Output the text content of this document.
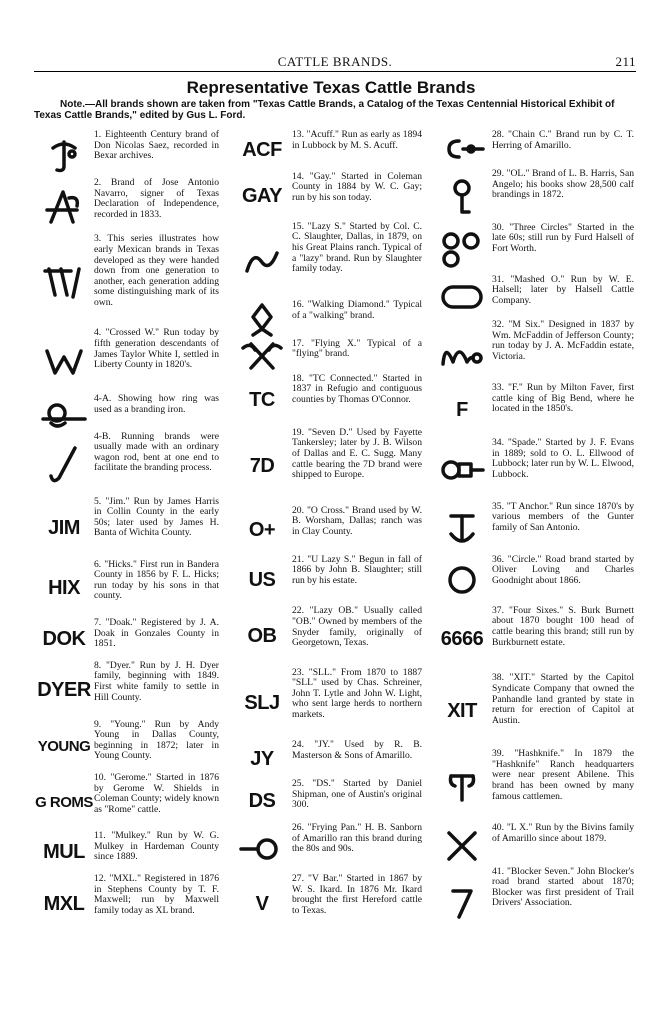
CATTLE BRANDS.	211
Representative Texas Cattle Brands
Note.—All brands shown are taken from "Texas Cattle Brands, a Catalog of the Texas Centennial Historical Exhibit of Texas Cattle Brands," edited by Gus L. Ford.
1. Eighteenth Century brand of Don Nicolas Saez, recorded in Bexar archives.
2. Brand of Jose Antonio Navarro, signer of Texas Declaration of Independence, recorded in 1833.
3. This series illustrates how early Mexican brands in Texas developed as they were handed down from one generation to another, each generation adding some distinguishing mark of its own.
4. "Crossed W." Run today by fifth generation descendants of James Taylor White I, settled in Liberty County in 1820's.
4-A. Showing how ring was used as a branding iron.
4-B. Running brands were usually made with an ordinary wagon rod, bent at one end to facilitate the branding process.
JIM
5. "Jim." Run by James Harris in Collin County in the early 50s; later used by James H. Banta of Wichita County.
HIX
6. "Hicks." First run in Bandera County in 1856 by F. L. Hicks; run today by his sons in that county.
DOK
7. "Doak." Registered by J. A. Doak in Gonzales County in 1851.
DYER
8. "Dyer." Run by J. H. Dyer family, beginning with 1849. First white family to settle in Hill County.
YOUNG
9. "Young." Run by Andy Young in Dallas County, beginning in 1872; later in Young County.
G ROMS
10. "Gerome." Started in 1876 by Gerome W. Shields in Coleman County; widely known as "Rome" cattle.
MUL
11. "Mulkey." Run by W. G. Mulkey in Hardeman County since 1889.
MXL
12. "MXL." Registered in 1876 in Stephens County by T. F. Maxwell; run by Maxwell family today as XL brand.
ACF
13. "Acuff." Run as early as 1894 in Lubbock by M. S. Acuff.
GAY
14. "Gay." Started in Coleman County in 1884 by W. C. Gay; run by his son today.
15. "Lazy S." Started by Col. C. C. Slaughter, Dallas, in 1879, on his Great Plains ranch. Typical of a "lazy" brand. Run by Slaughter family today.
16. "Walking Diamond." Typical of a "walking" brand.
17. "Flying X." Typical of a "flying" brand.
TC
18. "TC Connected." Started in 1837 in Refugio and contiguous counties by Thomas O'Connor.
7D
19. "Seven D." Used by Fayette Tankersley; later by J. B. Wilson of Dallas and E. C. Sugg. Many cattle bearing the 7D brand were shipped to Europe.
O+
20. "O Cross." Brand used by W. B. Worsham, Dallas; ranch was in Clay County.
US
21. "U Lazy S." Begun in fall of 1866 by John B. Slaughter; still run by his estate.
OB
22. "Lazy OB." Usually called "OB." Owned by members of the Snyder family, originally of Georgetown, Texas.
SLJ
23. "SLL." From 1870 to 1887 "SLL" used by Chas. Schreiner, John T. Lytle and John W. Light, who sent large herds to northern markets.
JY
24. "JY." Used by R. B. Masterson & Sons of Amarillo.
DS
25. "DS." Started by Daniel Shipman, one of Austin's original 300.
26. "Frying Pan." H. B. Sanborn of Amarillo ran this brand during the 80s and 90s.
V
27. "V Bar." Started in 1867 by W. S. Ikard. In 1876 Mr. Ikard brought the first Hereford cattle to Texas.
28. "Chain C." Brand run by C. T. Herring of Amarillo.
29. "OL." Brand of L. B. Harris, San Angelo; his books show 28,500 calf brandings in 1872.
30. "Three Circles" Started in the late 60s; still run by Furd Halsell of Fort Worth.
31. "Mashed O." Run by W. E. Halsell; later by Halsell Cattle Company.
32. "M Six." Designed in 1837 by Wm. McFaddin of Jefferson County; run today by J. A. McFaddin estate, Victoria.
F
33. "F." Run by Milton Faver, first cattle king of Big Bend, where he located in the 1850's.
34. "Spade." Started by J. F. Evans in 1889; sold to O. L. Ellwood of Lubbock; later run by W. L. Elwood, Lubbock.
35. "T Anchor." Run since 1870's by various members of the Gunter family of San Antonio.
36. "Circle." Road brand started by Oliver Loving and Charles Goodnight about 1866.
6666
37. "Four Sixes." S. Burk Burnett about 1870 bought 100 head of cattle bearing this brand; still run by Burkburnett estate.
XIT
38. "XIT." Started by the Capitol Syndicate Company that owned the Panhandle land granted by state in return for erection of Capitol at Austin.
39. "Hashknife." In 1879 the "Hashknife" Ranch headquarters were near present Abilene. This brand has been owned by many famous cattlemen.
40. "L X." Run by the Bivins family of Amarillo since about 1879.
41. "Blocker Seven." John Blocker's road brand started about 1870; Blocker was first president of Trail Drivers' Association.
